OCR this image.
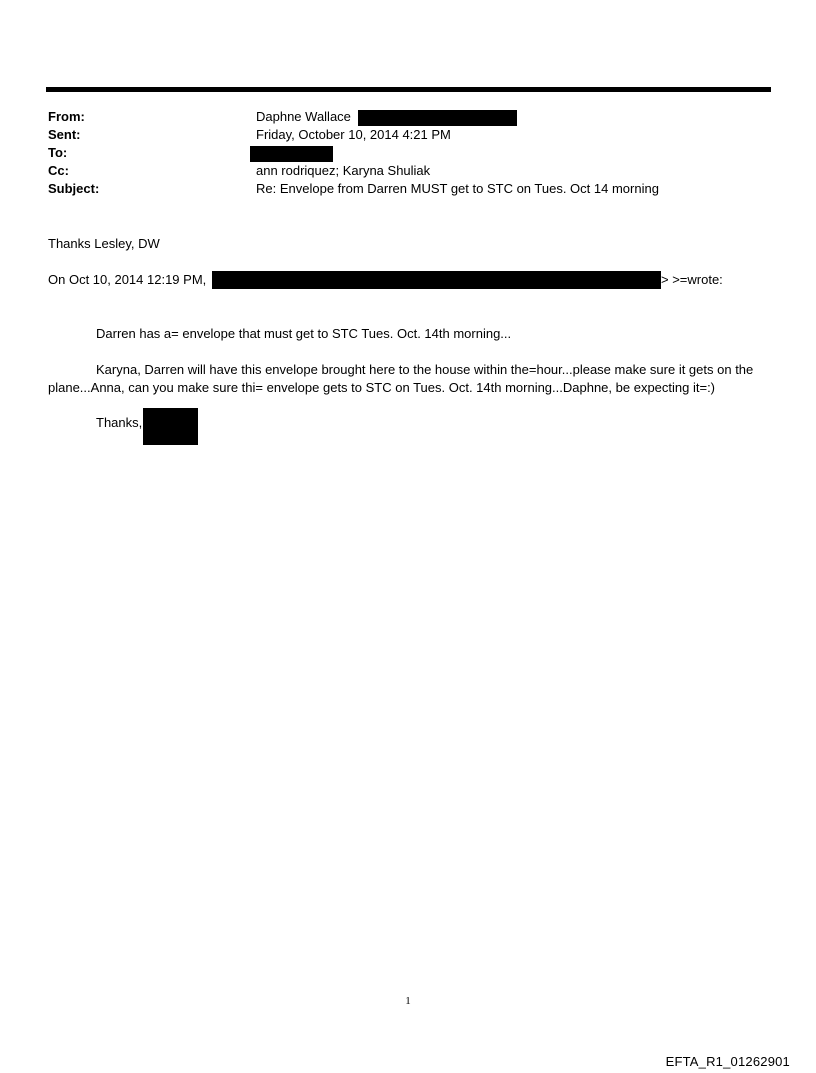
From:	Daphne Wallace
Sent:	Friday, October 10, 2014 4:21 PM
To:
Cc:	ann rodriquez; Karyna Shuliak
Subject:	Re: Envelope from Darren MUST get to STC on Tues. Oct 14 morning
Thanks Lesley, DW
On Oct 10, 2014 12:19 PM,	> >=wrote:
Darren has a= envelope that must get to STC Tues. Oct. 14th morning...
Karyna, Darren will have this envelope brought here to the house within the=hour...please make sure it gets on the plane...Anna, can you make sure thi= envelope gets to STC on Tues. Oct. 14th morning...Daphne, be expecting it=:)
Thanks,
1
EFTA_R1_01262901
